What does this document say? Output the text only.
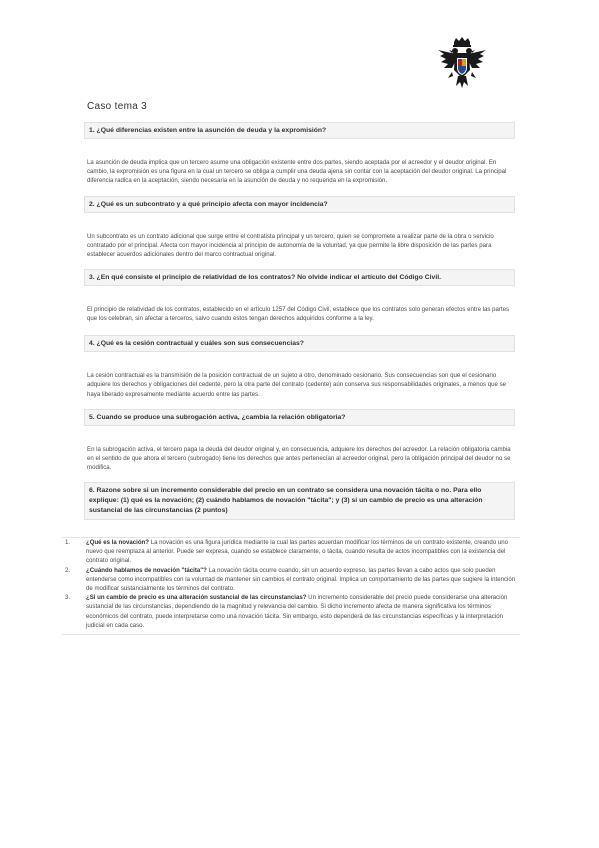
Caso tema 3
1. ¿Qué diferencias existen entre la asunción de deuda y la expromisión?
La asunción de deuda implica que un tercero asume una obligación existente entre dos partes, siendo aceptada por el acreedor y el deudor original. En cambio, la expromisión es una figura en la cual un tercero se obliga a cumplir una deuda ajena sin contar con la aceptación del deudor original. La principal diferencia radica en la aceptación, siendo necesaria en la asunción de deuda y no requerida en la expromisión.
2. ¿Qué es un subcontrato y a qué principio afecta con mayor incidencia?
Un subcontrato es un contrato adicional que surge entre el contratista principal y un tercero, quien se compromete a realizar parte de la obra o servicio contratado por el principal. Afecta con mayor incidencia al principio de autonomía de la voluntad, ya que permite la libre disposición de las partes para establecer acuerdos adicionales dentro del marco contractual original.
3. ¿En qué consiste el principio de relatividad de los contratos? No olvide indicar el artículo del Código Civil.
El principio de relatividad de los contratos, establecido en el artículo 1257 del Código Civil, establece que los contratos solo generan efectos entre las partes que los celebran, sin afectar a terceros, salvo cuando estos tengan derechos adquiridos conforme a la ley.
4. ¿Qué es la cesión contractual y cuáles son sus consecuencias?
La cesión contractual es la transmisión de la posición contractual de un sujeto a otro, denominado cesionario. Sus consecuencias son que el cesionario adquiere los derechos y obligaciones del cedente, pero la otra parte del contrato (cedente) aún conserva sus responsabilidades originales, a menos que se haya liberado expresamente mediante acuerdo entre las partes.
5. Cuando se produce una subrogación activa, ¿cambia la relación obligatoria?
En la subrogación activa, el tercero paga la deuda del deudor original y, en consecuencia, adquiere los derechos del acreedor. La relación obligatoria cambia en el sentido de que ahora el tercero (subrogado) tiene los derechos que antes pertenecían al acreedor original, pero la obligación principal del deudor no se modifica.
6. Razone sobre si un incremento considerable del precio en un contrato se considera una novación tácita o no. Para ello explique: (1) qué es la novación; (2) cuándo hablamos de novación "tácita"; y (3) si un cambio de precio es una alteración sustancial de las circunstancias (2 puntos)
1.	¿Qué es la novación? La novación es una figura jurídica mediante la cual las partes acuerdan modificar los términos de un contrato existente, creando uno nuevo que reemplaza al anterior. Puede ser expresa, cuando se establece claramente, o tácita, cuando resulta de actos incompatibles con la existencia del contrato original.
2.	¿Cuándo hablamos de novación "tácita"? La novación tácita ocurre cuando, sin un acuerdo expreso, las partes llevan a cabo actos que solo pueden entenderse como incompatibles con la voluntad de mantener sin cambios el contrato original. Implica un comportamiento de las partes que sugiere la intención de modificar sustancialmente los términos del contrato.
3.	¿Si un cambio de precio es una alteración sustancial de las circunstancias? Un incremento considerable del precio puede considerarse una alteración sustancial de las circunstancias, dependiendo de la magnitud y relevancia del cambio. Si dicho incremento afecta de manera significativa los términos económicos del contrato, puede interpretarse como una novación tácita. Sin embargo, esto dependerá de las circunstancias específicas y la interpretación judicial en cada caso.
